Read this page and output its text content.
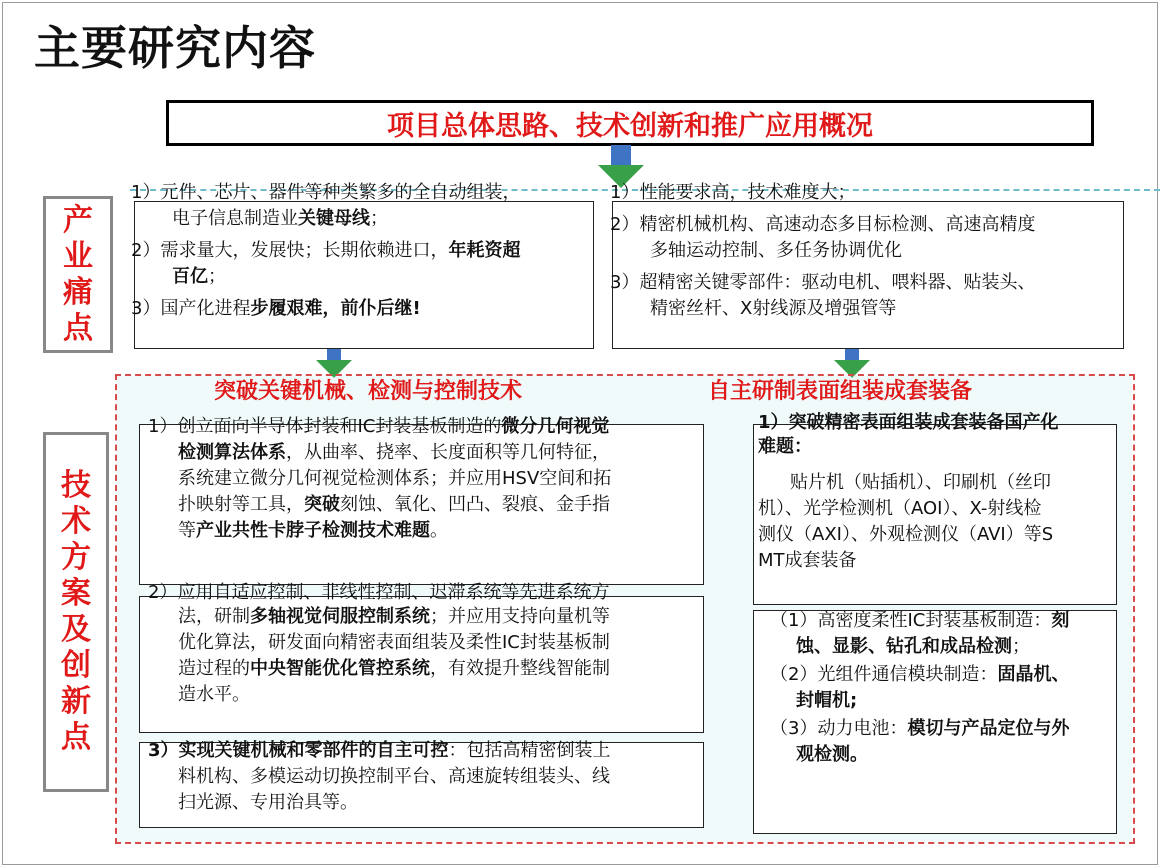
主要研究内容
项目总体思路、技术创新和推广应用概况
产
业
痛
点
1）元件、芯片、器件等种类繁多的全自动组装，
电子信息制造业关键母线；
2）需求量大，发展快；长期依赖进口，年耗资超
百亿；
3）国产化进程步履艰难，前仆后继!
1）性能要求高，技术难度大；
2）精密机械机构、高速动态多目标检测、高速高精度
多轴运动控制、多任务协调优化
3）超精密关键零部件：驱动电机、喂料器、贴装头、
精密丝杆、X射线源及增强管等
突破关键机械、检测与控制技术	自主研制表面组装成套装备
技
术
方
案
及
创
新
点
1）创立面向半导体封装和IC封装基板制造的微分几何视觉
检测算法体系，从曲率、挠率、长度面积等几何特征，
系统建立微分几何视觉检测体系；并应用HSV空间和拓
扑映射等工具，突破刻蚀、氧化、凹凸、裂痕、金手指
等产业共性卡脖子检测技术难题。
2）应用自适应控制、非线性控制、迟滞系统等先进系统方
法，研制多轴视觉伺服控制系统；并应用支持向量机等
优化算法，研发面向精密表面组装及柔性IC封装基板制
造过程的中央智能优化管控系统，有效提升整线智能制
造水平。
3）实现关键机械和零部件的自主可控：包括高精密倒装上
料机构、多模运动切换控制平台、高速旋转组装头、线
扫光源、专用治具等。
1）突破精密表面组装成套装备国产化
难题：
贴片机（贴插机）、印刷机（丝印
机）、光学检测机（AOI）、X-射线检
测仪（AXI）、外观检测仪（AVI）等S
MT成套装备
（1）高密度柔性IC封装基板制造：刻
蚀、显影、钻孔和成品检测；
（2）光组件通信模块制造：固晶机、
封帽机;
（3）动力电池：模切与产品定位与外
观检测。
